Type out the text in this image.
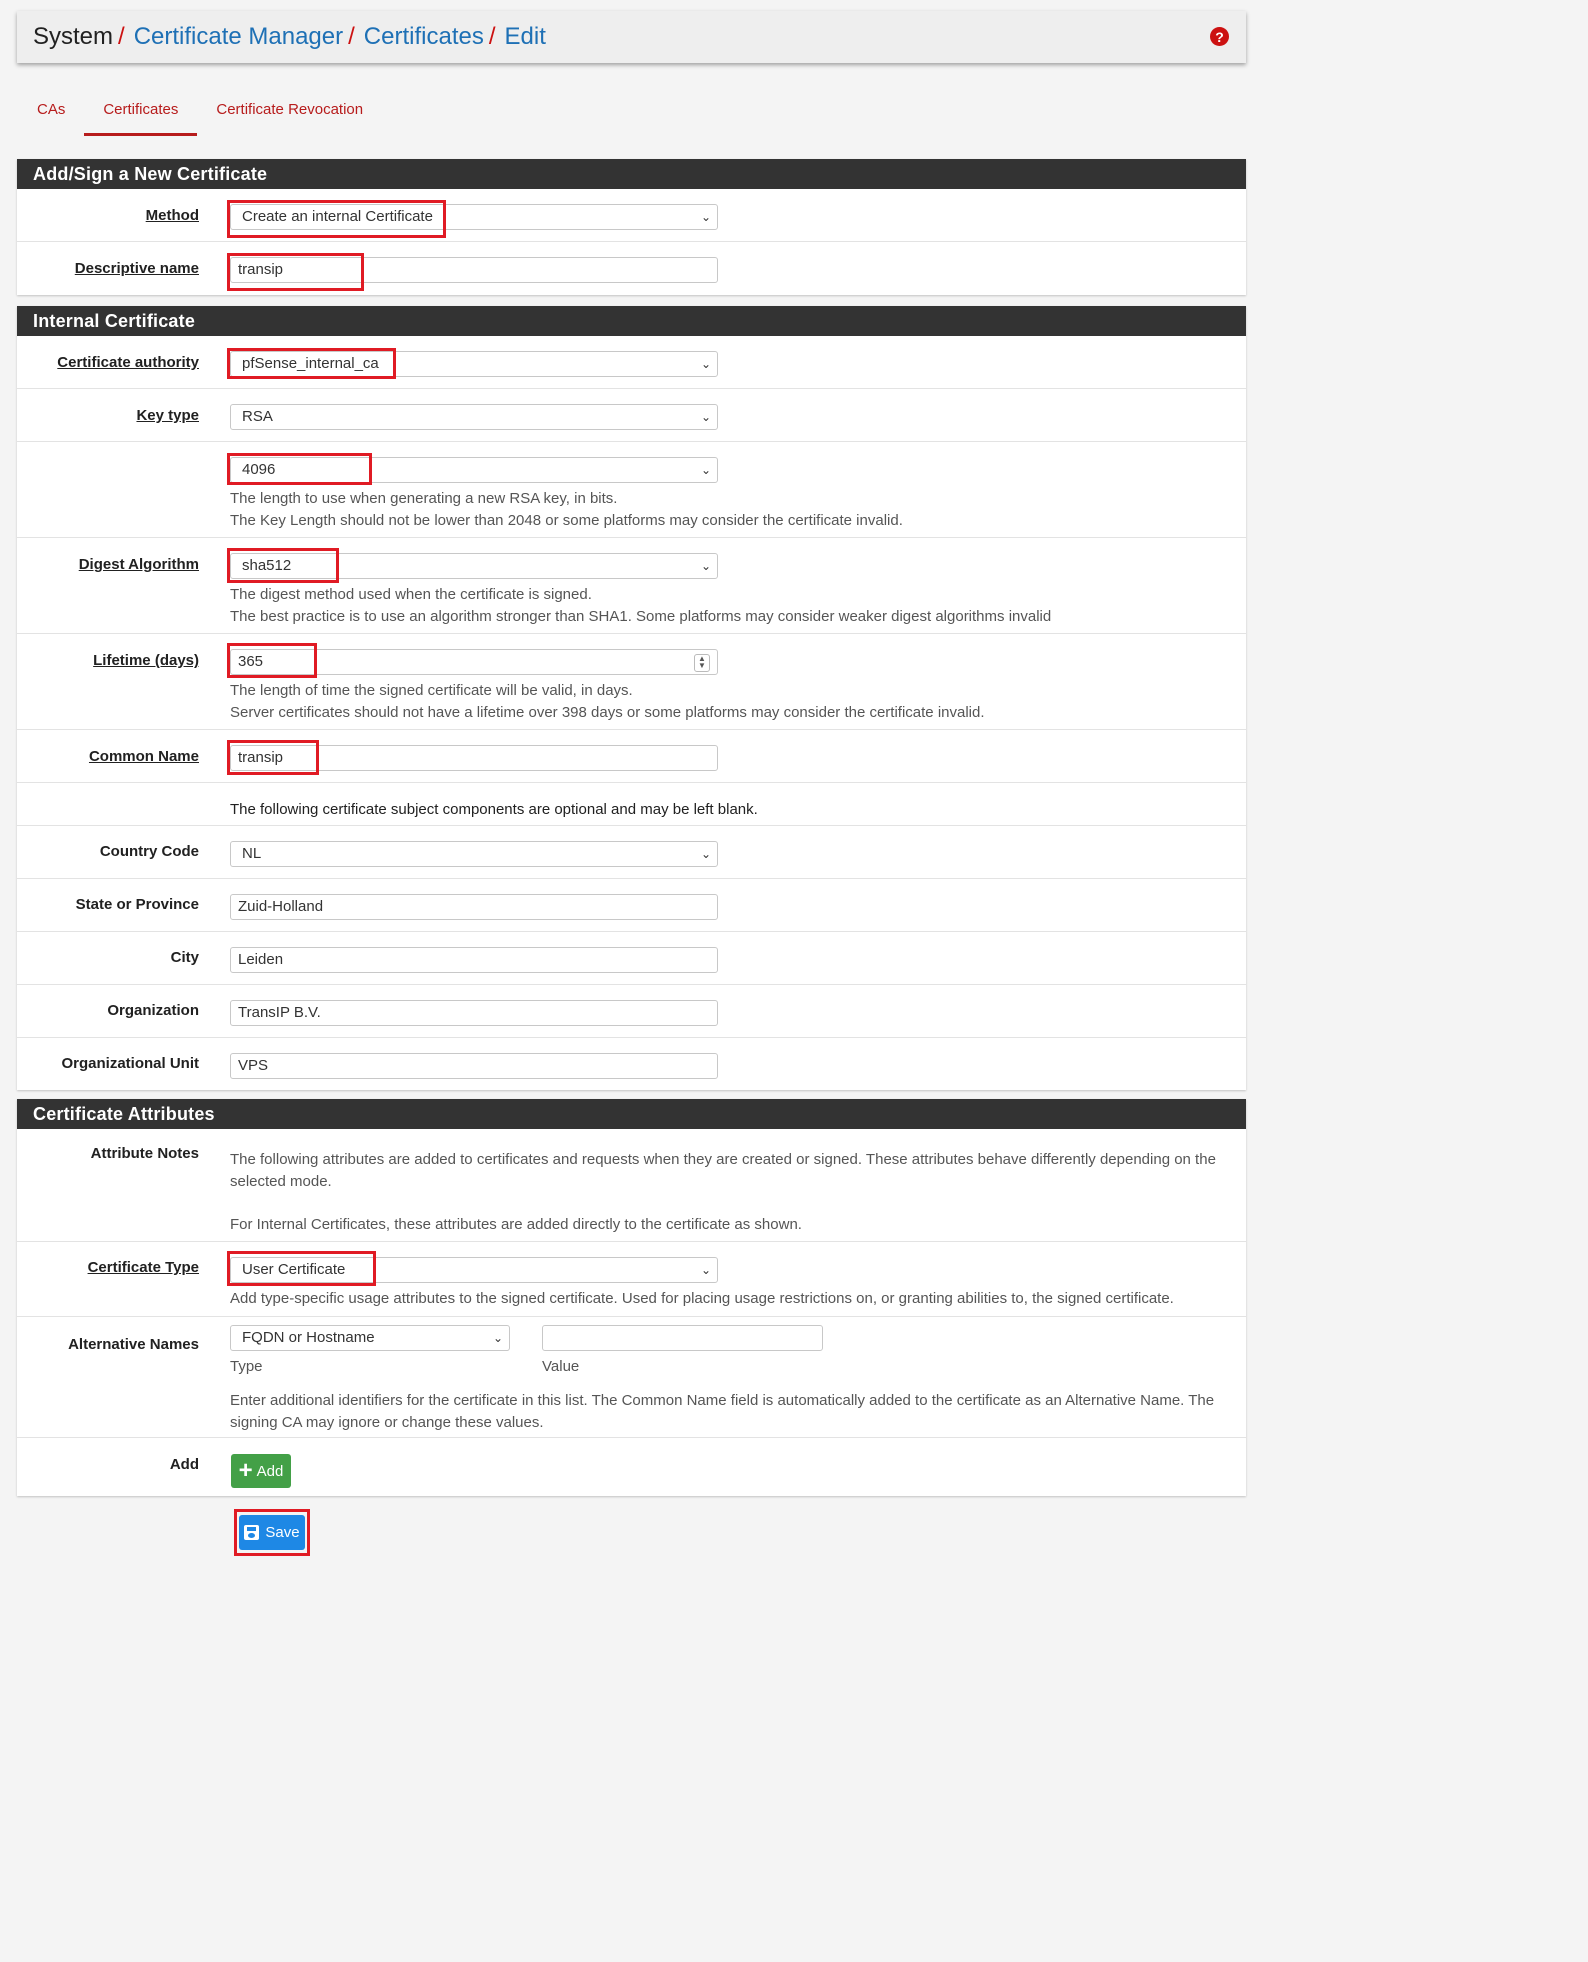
System / Certificate Manager / Certificates / Edit	?
CAs	Certificates	Certificate Revocation
Add/Sign a New Certificate
Method	Create an internal Certificate	⌄
Descriptive name	transip
Internal Certificate
Certificate authority	pfSense_internal_ca	⌄
Key type	RSA	⌄
4096	⌄
The length to use when generating a new RSA key, in bits.
The Key Length should not be lower than 2048 or some platforms may consider the certificate invalid.
Digest Algorithm	sha512	⌄
The digest method used when the certificate is signed.
The best practice is to use an algorithm stronger than SHA1. Some platforms may consider weaker digest algorithms invalid
Lifetime (days)	365	▲
▼
The length of time the signed certificate will be valid, in days.
Server certificates should not have a lifetime over 398 days or some platforms may consider the certificate invalid.
Common Name	transip
The following certificate subject components are optional and may be left blank.
Country Code	NL	⌄
State or Province	Zuid-Holland
City	Leiden
Organization	TransIP B.V.
Organizational Unit	VPS
Certificate Attributes
Attribute Notes The following attributes are added to certificates and requests when they are created or signed. These attributes behave differently depending on the
selected mode.
For Internal Certificates, these attributes are added directly to the certificate as shown.
Certificate Type	User Certificate	⌄
Add type-specific usage attributes to the signed certificate. Used for placing usage restrictions on, or granting abilities to, the signed certificate.
Alternative Names	FQDN or Hostname	⌄
Type	Value
Enter additional identifiers for the certificate in this list. The Common Name field is automatically added to the certificate as an Alternative Name. The
signing CA may ignore or change these values.
Add + Add
Save
